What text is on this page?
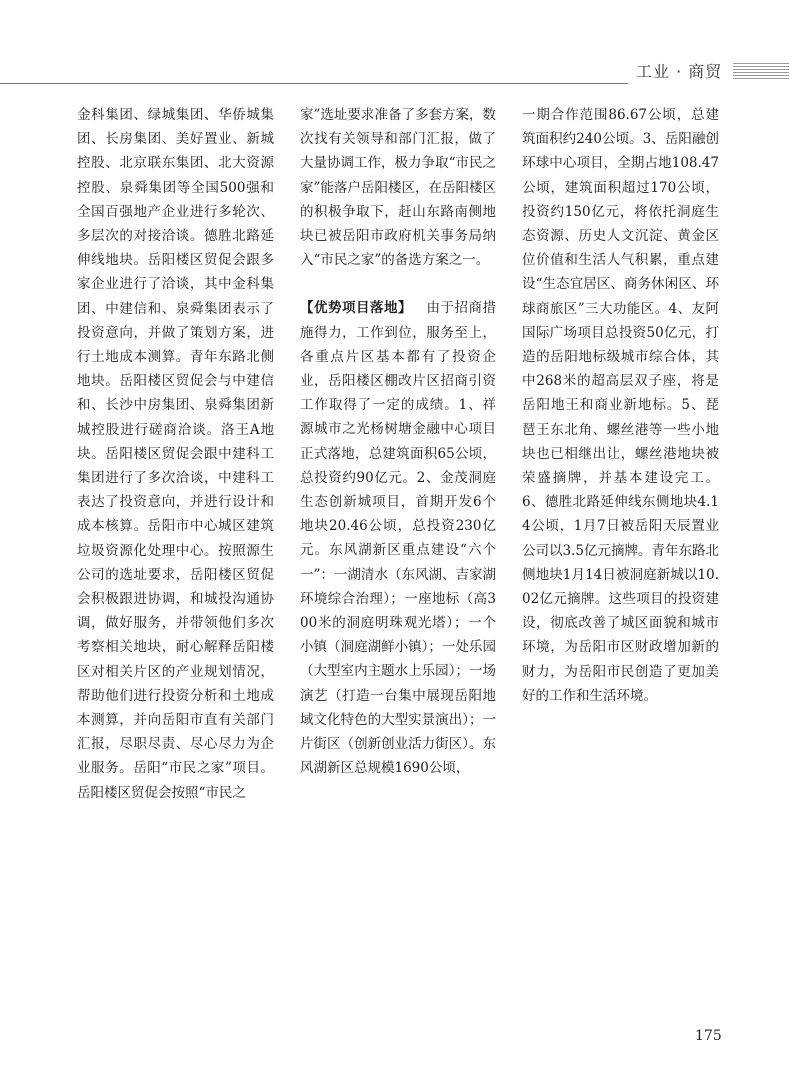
工业 · 商贸

金科集团、绿城集团、华侨城集团、长房集团、美好置业、新城控股、北京联东集团、北大资源控股、泉舜集团等全国500强和全国百强地产企业进行多轮次、多层次的对接洽谈。德胜北路延伸线地块。岳阳楼区贸促会跟多家企业进行了洽谈，其中金科集团、中建信和、泉舜集团表示了投资意向，并做了策划方案，进行土地成本测算。青年东路北侧地块。岳阳楼区贸促会与中建信和、长沙中房集团、泉舜集团新城控股进行磋商洽谈。洛王A地块。岳阳楼区贸促会跟中建科工集团进行了多次洽谈，中建科工表达了投资意向，并进行设计和成本核算。岳阳市中心城区建筑垃圾资源化处理中心。按照源生公司的选址要求，岳阳楼区贸促会积极跟进协调，和城投沟通协调，做好服务，并带领他们多次考察相关地块，耐心解释岳阳楼区对相关片区的产业规划情况，帮助他们进行投资分析和土地成本测算，并向岳阳市直有关部门汇报，尽职尽责、尽心尽力为企业服务。岳阳“市民之家”项目。岳阳楼区贸促会按照“市民之

家”选址要求准备了多套方案，数次找有关领导和部门汇报，做了大量协调工作，极力争取“市民之家”能落户岳阳楼区，在岳阳楼区的积极争取下，赶山东路南侧地块已被岳阳市政府机关事务局纳入“市民之家”的备选方案之一。

【优势项目落地】 由于招商措施得力，工作到位，服务至上，各重点片区基本都有了投资企业，岳阳楼区棚改片区招商引资工作取得了一定的成绩。1、祥源城市之光杨树塘金融中心项目正式落地，总建筑面积65公顷，总投资约90亿元。2、金茂洞庭生态创新城项目，首期开发6个地块20.46公顷，总投资230亿元。东风湖新区重点建设“六个一”：一湖清水（东风湖、吉家湖环境综合治理）；一座地标（高300米的洞庭明珠观光塔）；一个小镇（洞庭湖鲜小镇）；一处乐园（大型室内主题水上乐园）；一场演艺（打造一台集中展现岳阳地域文化特色的大型实景演出）；一片街区（创新创业活力街区）。东风湖新区总规模1690公顷，

一期合作范围86.67公顷，总建筑面积约240公顷。3、岳阳融创环球中心项目，全期占地108.47公顷，建筑面积超过170公顷，投资约150亿元，将依托洞庭生态资源、历史人文沉淀、黄金区位价值和生活人气积累，重点建设“生态宜居区、商务休闲区、环球商旅区”三大功能区。4、友阿国际广场项目总投资50亿元，打造的岳阳地标级城市综合体，其中268米的超高层双子座，将是岳阳地王和商业新地标。5、琵琶王东北角、螺丝港等一些小地块也已相继出让，螺丝港地块被荣盛摘牌，并基本建设完工。6、德胜北路延伸线东侧地块4.14公顷，1月7日被岳阳天辰置业公司以3.5亿元摘牌。青年东路北侧地块1月14日被洞庭新城以10.02亿元摘牌。这些项目的投资建设，彻底改善了城区面貌和城市环境，为岳阳市区财政增加新的财力，为岳阳市民创造了更加美好的工作和生活环境。

175
